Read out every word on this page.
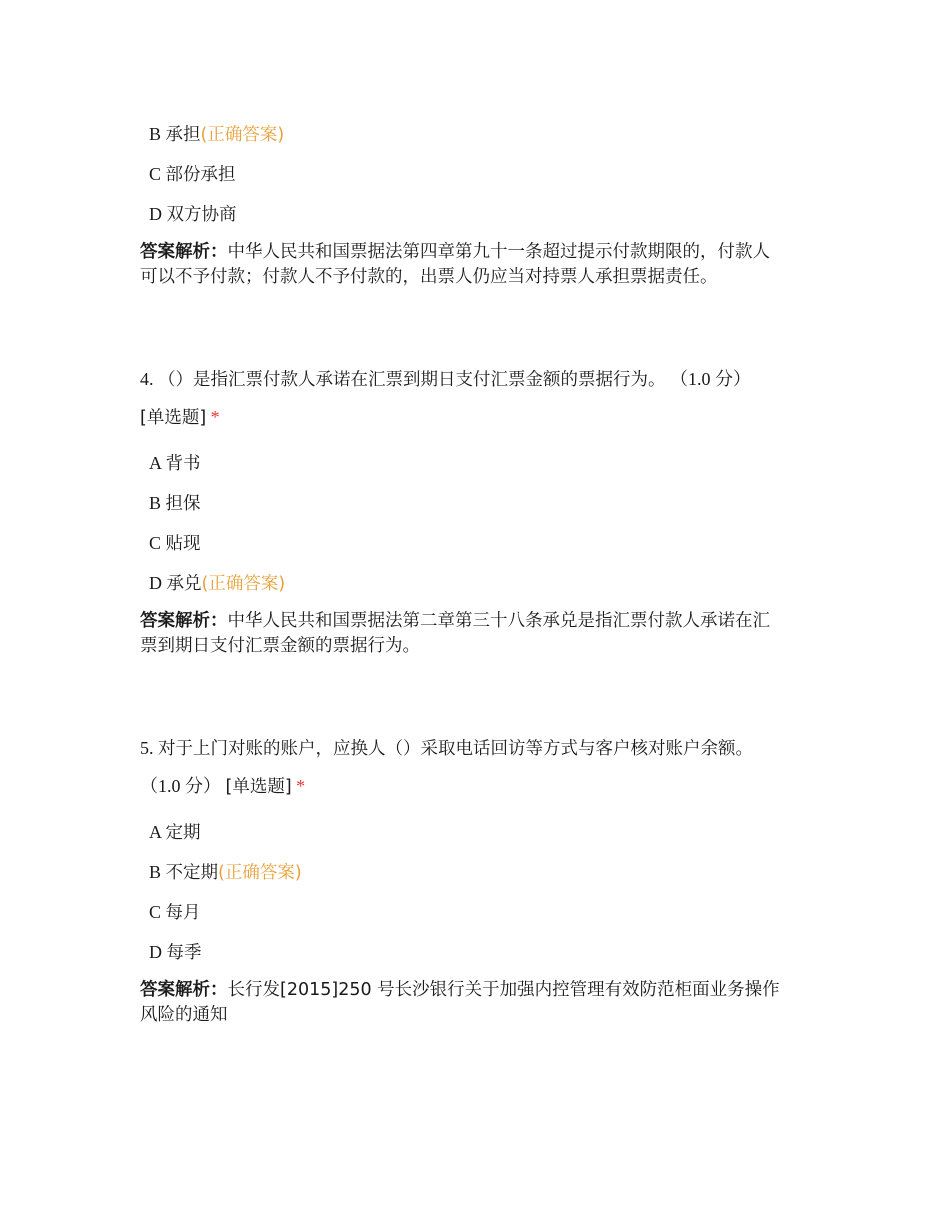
B 承担(正确答案)
C 部份承担
D 双方协商
答案解析：中华人民共和国票据法第四章第九十一条超过提示付款期限的，付款人
可以不予付款；付款人不予付款的，出票人仍应当对持票人承担票据责任。
4. （）是指汇票付款人承诺在汇票到期日支付汇票金额的票据行为。 （1.0 分）
[单选题] *
A 背书
B 担保
C 贴现
D 承兑(正确答案)
答案解析：中华人民共和国票据法第二章第三十八条承兑是指汇票付款人承诺在汇
票到期日支付汇票金额的票据行为。
5. 对于上门对账的账户，应换人（）采取电话回访等方式与客户核对账户余额。
（1.0 分） [单选题] *
A 定期
B 不定期(正确答案)
C 每月
D 每季
答案解析：长行发[2015]250 号长沙银行关于加强内控管理有效防范柜面业务操作
风险的通知
